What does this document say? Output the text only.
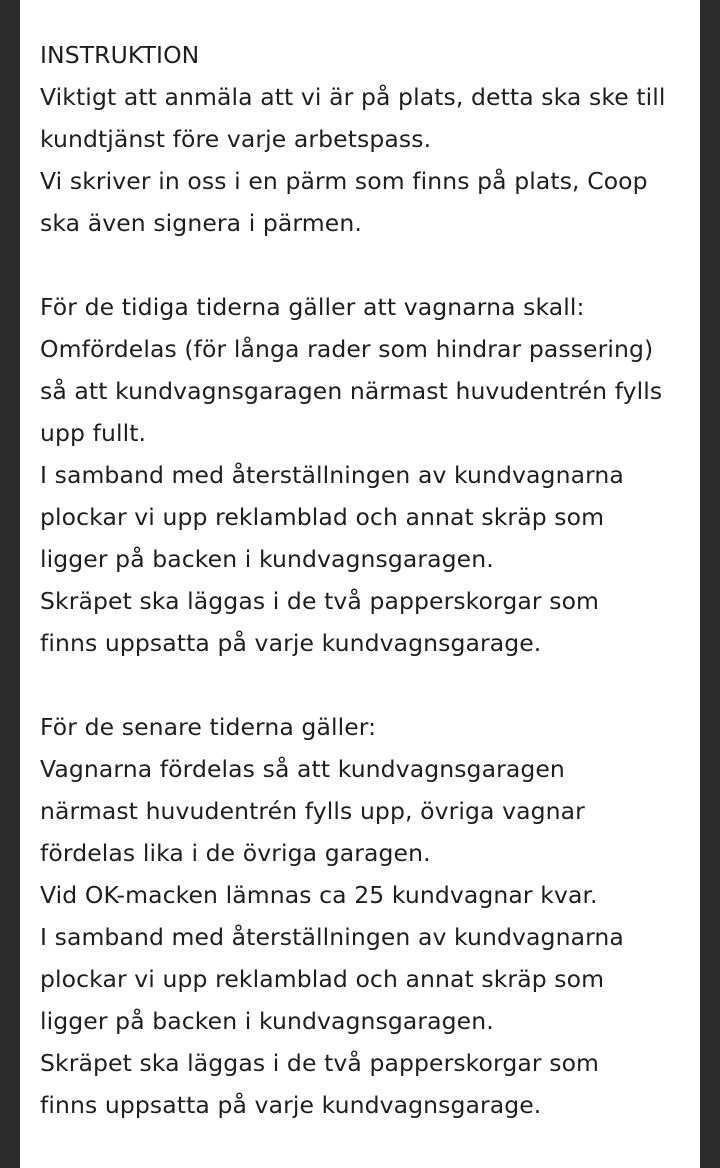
INSTRUKTION
Viktigt att anmäla att vi är på plats, detta ska ske till
kundtjänst före varje arbetspass.
Vi skriver in oss i en pärm som finns på plats, Coop
ska även signera i pärmen.
För de tidiga tiderna gäller att vagnarna skall:
Omfördelas (för långa rader som hindrar passering)
så att kundvagnsgaragen närmast huvudentrén fylls
upp fullt.
I samband med återställningen av kundvagnarna
plockar vi upp reklamblad och annat skräp som
ligger på backen i kundvagnsgaragen.
Skräpet ska läggas i de två papperskorgar som
finns uppsatta på varje kundvagnsgarage.
För de senare tiderna gäller:
Vagnarna fördelas så att kundvagnsgaragen
närmast huvudentrén fylls upp, övriga vagnar
fördelas lika i de övriga garagen.
Vid OK-macken lämnas ca 25 kundvagnar kvar.
I samband med återställningen av kundvagnarna
plockar vi upp reklamblad och annat skräp som
ligger på backen i kundvagnsgaragen.
Skräpet ska läggas i de två papperskorgar som
finns uppsatta på varje kundvagnsgarage.
